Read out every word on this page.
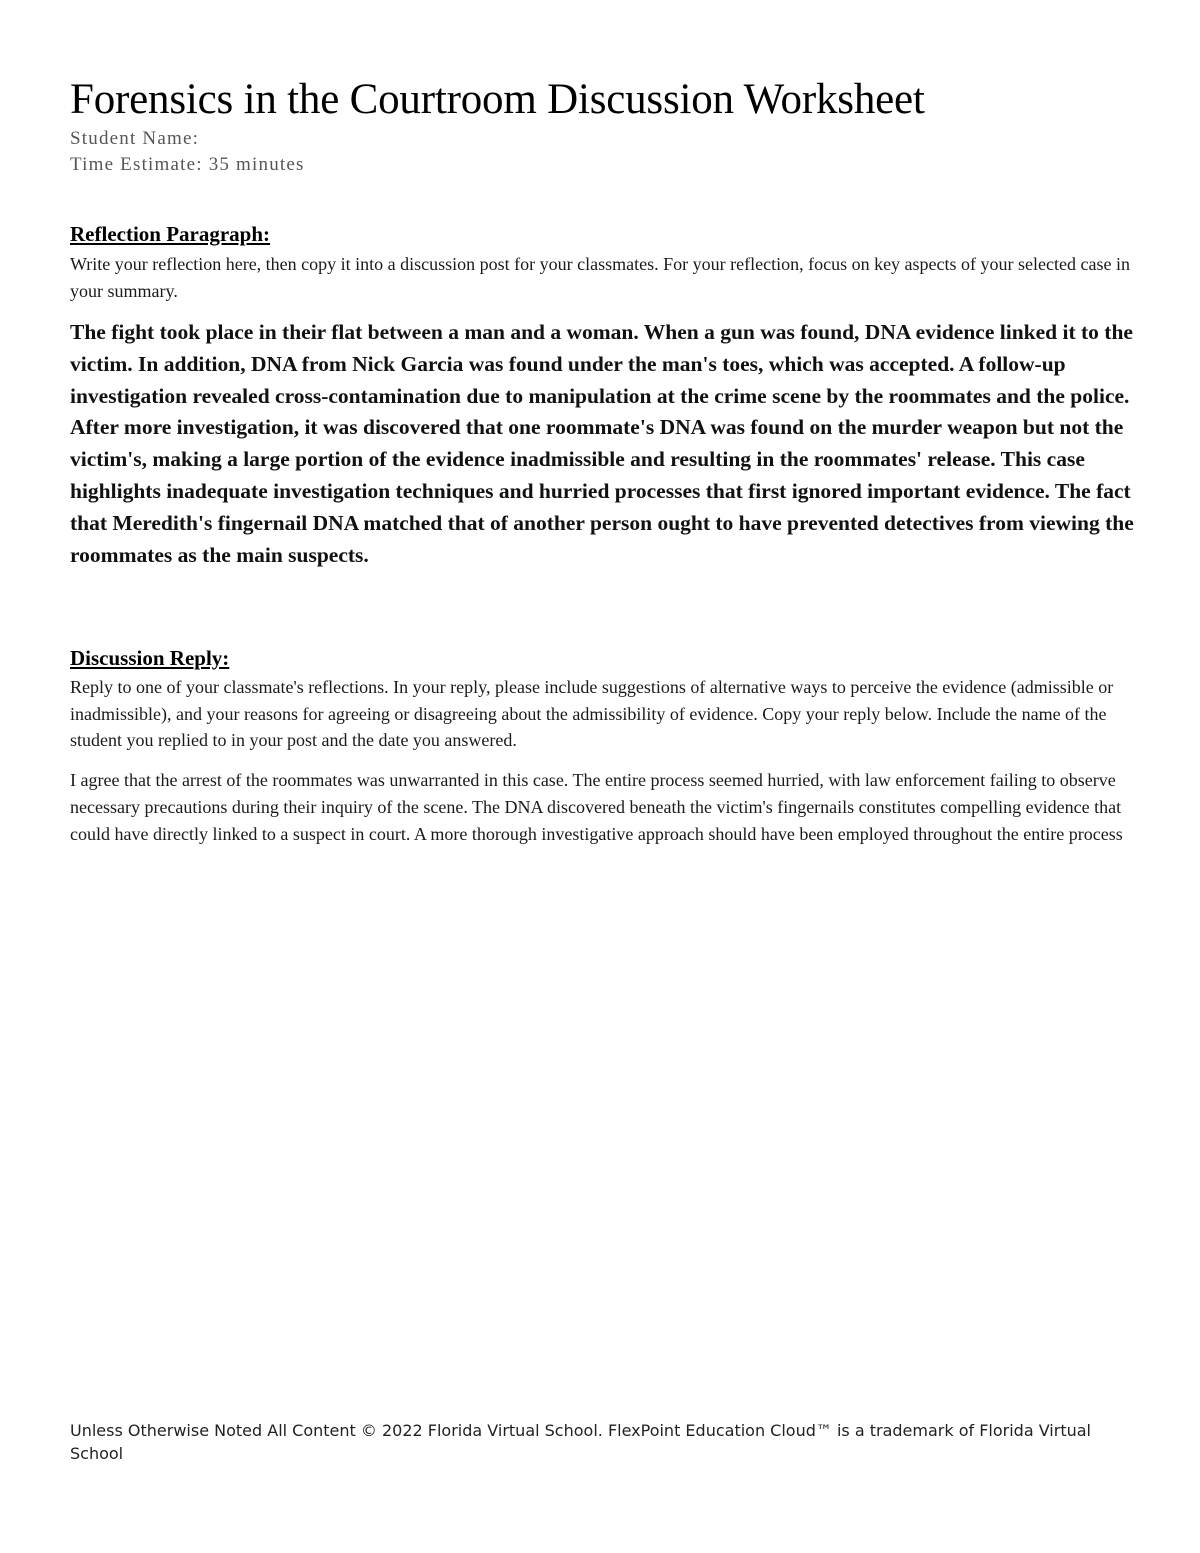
Forensics in the Courtroom Discussion Worksheet
Student Name:
Time Estimate: 35 minutes
Reflection Paragraph:

Write your reflection here, then copy it into a discussion post for your classmates. For your reflection, focus on key aspects of your selected case in your summary.

The fight took place in their flat between a man and a woman. When a gun was found, DNA evidence linked it to the victim. In addition, DNA from Nick Garcia was found under the man's toes, which was accepted. A follow-up investigation revealed cross-contamination due to manipulation at the crime scene by the roommates and the police. After more investigation, it was discovered that one roommate's DNA was found on the murder weapon but not the victim's, making a large portion of the evidence inadmissible and resulting in the roommates' release. This case highlights inadequate investigation techniques and hurried processes that first ignored important evidence. The fact that Meredith's fingernail DNA matched that of another person ought to have prevented detectives from viewing the roommates as the main suspects.

Discussion Reply:

Reply to one of your classmate's reflections. In your reply, please include suggestions of alternative ways to perceive the evidence (admissible or inadmissible), and your reasons for agreeing or disagreeing about the admissibility of evidence. Copy your reply below. Include the name of the student you replied to in your post and the date you answered.

I agree that the arrest of the roommates was unwarranted in this case. The entire process seemed hurried, with law enforcement failing to observe necessary precautions during their inquiry of the scene. The DNA discovered beneath the victim's fingernails constitutes compelling evidence that could have directly linked to a suspect in court. A more thorough investigative approach should have been employed throughout the entire process

Unless Otherwise Noted All Content © 2022 Florida Virtual School. FlexPoint Education Cloud™ is a trademark of Florida Virtual School
